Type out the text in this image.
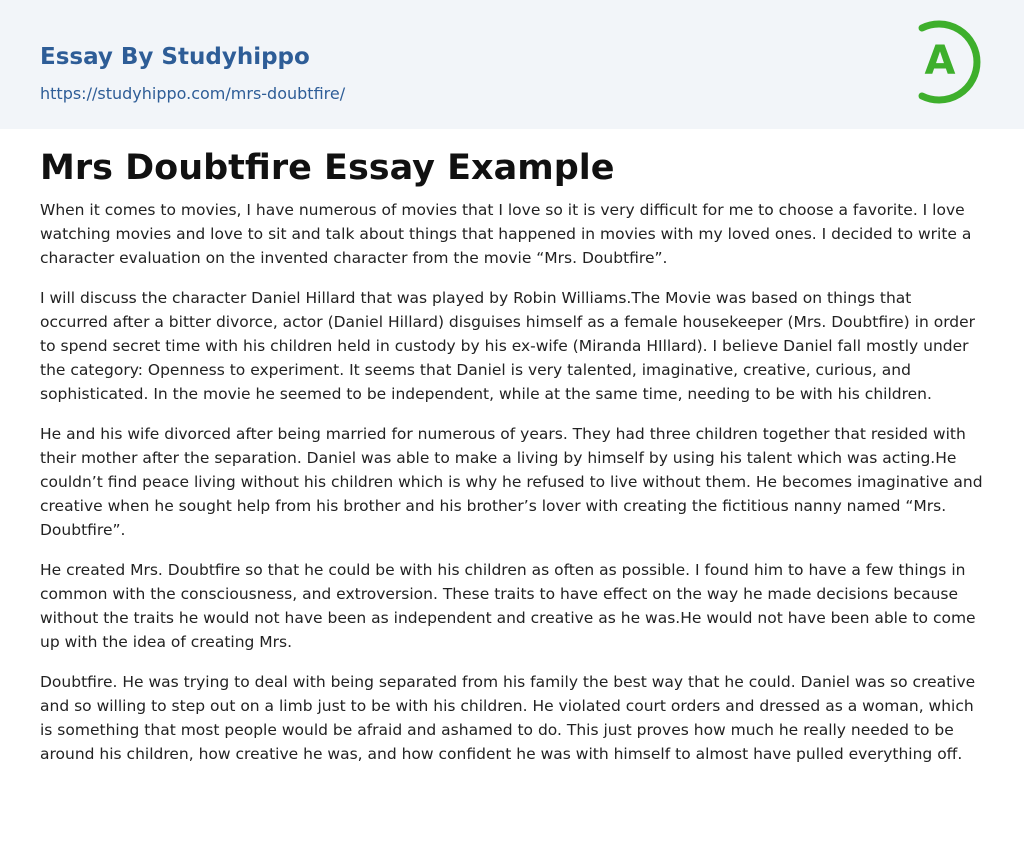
Essay By Studyhippo
https://studyhippo.com/mrs-doubtfire/
A
Mrs Doubtfire Essay Example

When it comes to movies, I have numerous of movies that I love so it is very difficult for me to choose a favorite. I love watching movies and love to sit and talk about things that happened in movies with my loved ones. I decided to write a character evaluation on the invented character from the movie “Mrs. Doubtfire”.

I will discuss the character Daniel Hillard that was played by Robin Williams.The Movie was based on things that occurred after a bitter divorce, actor (Daniel Hillard) disguises himself as a female housekeeper (Mrs. Doubtfire) in order to spend secret time with his children held in custody by his ex-wife (Miranda HIllard). I believe Daniel fall mostly under the category: Openness to experiment. It seems that Daniel is very talented, imaginative, creative, curious, and sophisticated. In the movie he seemed to be independent, while at the same time, needing to be with his children.

He and his wife divorced after being married for numerous of years. They had three children together that resided with their mother after the separation. Daniel was able to make a living by himself by using his talent which was acting.He couldn’t find peace living without his children which is why he refused to live without them. He becomes imaginative and creative when he sought help from his brother and his brother’s lover with creating the fictitious nanny named “Mrs. Doubtfire”.

He created Mrs. Doubtfire so that he could be with his children as often as possible. I found him to have a few things in common with the consciousness, and extroversion. These traits to have effect on the way he made decisions because without the traits he would not have been as independent and creative as he was.He would not have been able to come up with the idea of creating Mrs.

Doubtfire. He was trying to deal with being separated from his family the best way that he could. Daniel was so creative and so willing to step out on a limb just to be with his children. He violated court orders and dressed as a woman, which is something that most people would be afraid and ashamed to do. This just proves how much he really needed to be around his children, how creative he was, and how confident he was with himself to almost have pulled everything off.
